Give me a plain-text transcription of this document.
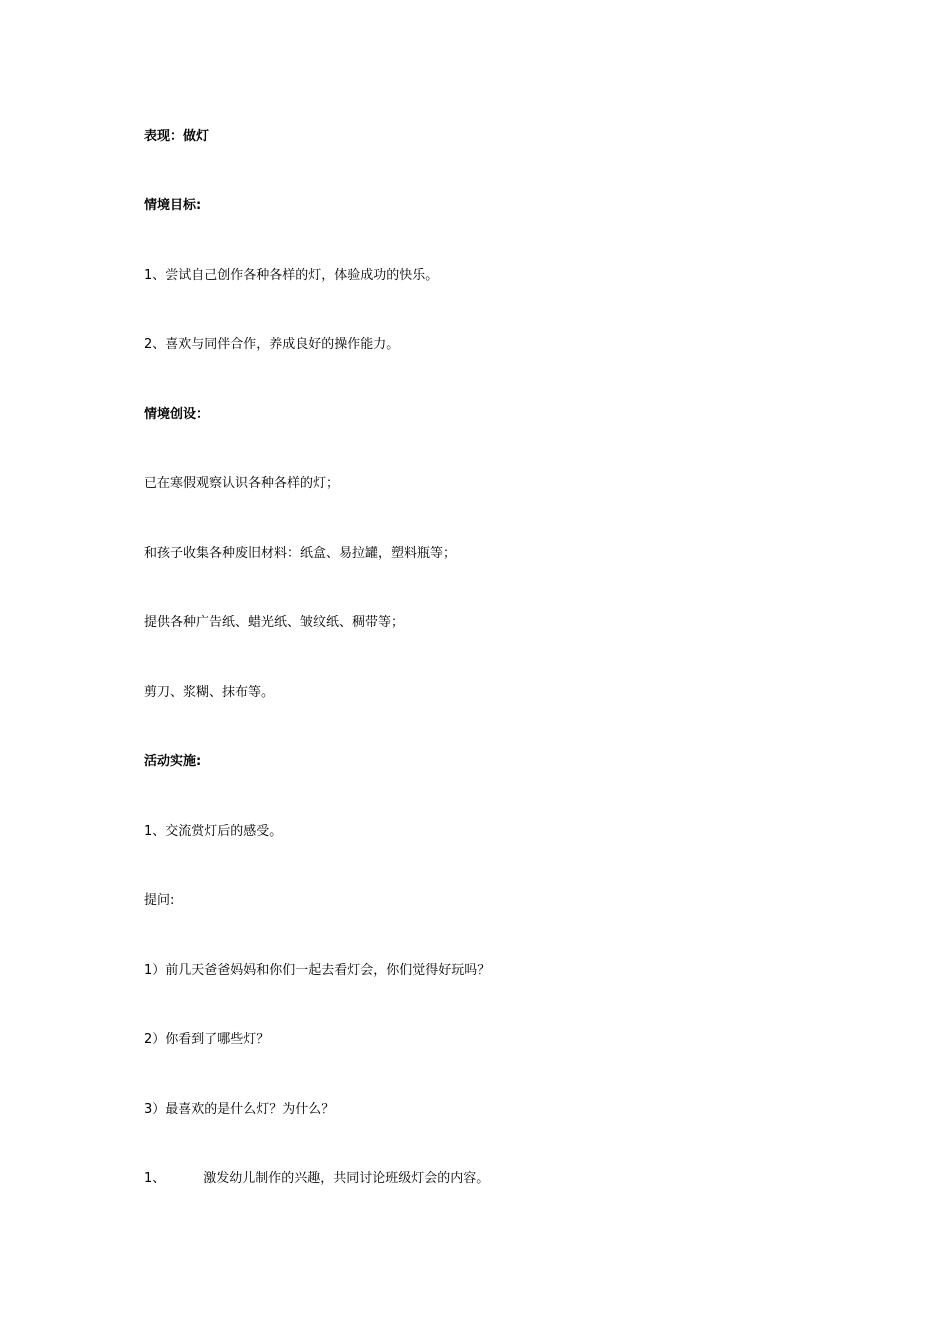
表现：做灯
情境目标:
1、尝试自己创作各种各样的灯，体验成功的快乐。
2、喜欢与同伴合作，养成良好的操作能力。
情境创设：
已在寒假观察认识各种各样的灯；
和孩子收集各种废旧材料：纸盒、易拉罐，塑料瓶等；
提供各种广告纸、蜡光纸、皱纹纸、稠带等；
剪刀、浆糊、抹布等。
活动实施:
1、交流赏灯后的感受。
提问:
1）前几天爸爸妈妈和你们一起去看灯会，你们觉得好玩吗？
2）你看到了哪些灯？
3）最喜欢的是什么灯？为什么？
1、	激发幼儿制作的兴趣，共同讨论班级灯会的内容。
